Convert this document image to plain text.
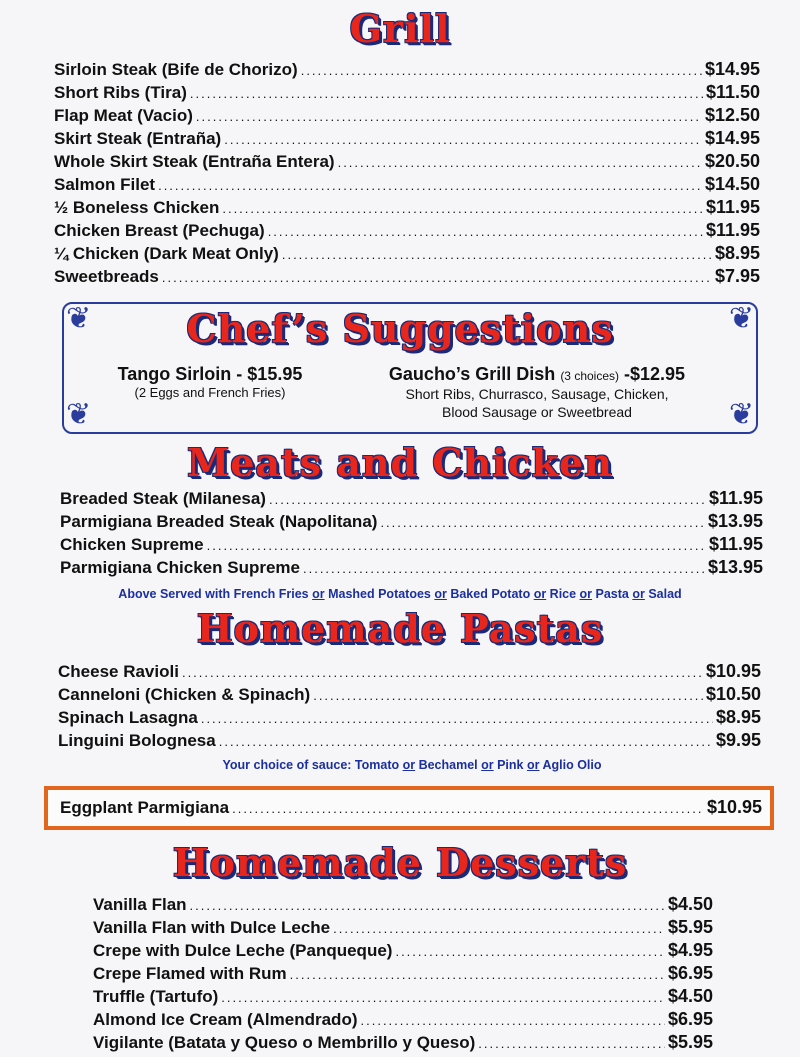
Grill
Sirloin Steak (Bife de Chorizo) .....	$14.95
Short Ribs (Tira) .....	$11.50
Flap Meat (Vacio) .....	$12.50
Skirt Steak (Entraña) .....	$14.95
Whole Skirt Steak (Entraña Entera) .....	$20.50
Salmon Filet .....	$14.50
½ Boneless Chicken .....	$11.95
Chicken Breast (Pechuga) .....	$11.95
¼ Chicken (Dark Meat Only) .....	$8.95
Sweetbreads .....	$7.95
❦	❦
❦	❦
Chef’s Suggestions
Tango Sirloin - $15.95
(2 Eggs and French Fries)
Gaucho’s Grill Dish (3 choices) -$12.95
Short Ribs, Churrasco, Sausage, Chicken,
Blood Sausage or Sweetbread
Meats and Chicken
Breaded Steak (Milanesa) .....	$11.95
Parmigiana Breaded Steak (Napolitana) .....	$13.95
Chicken Supreme .....	$11.95
Parmigiana Chicken Supreme .....	$13.95
Above Served with French Fries or Mashed Potatoes or Baked Potato or Rice or Pasta or Salad
Homemade Pastas
Cheese Ravioli .....	$10.95
Canneloni (Chicken & Spinach) .....	$10.50
Spinach Lasagna .....	$8.95
Linguini Bolognesa .....	$9.95
Your choice of sauce: Tomato or Bechamel or Pink or Aglio Olio
Eggplant Parmigiana .....	$10.95
Homemade Desserts
Vanilla Flan .....	$4.50
Vanilla Flan with Dulce Leche .....	$5.95
Crepe with Dulce Leche (Panqueque) .....	$4.95
Crepe Flamed with Rum .....	$6.95
Truffle (Tartufo) .....	$4.50
Almond Ice Cream (Almendrado) .....	$6.95
Vigilante (Batata y Queso o Membrillo y Queso) .....	$5.95
